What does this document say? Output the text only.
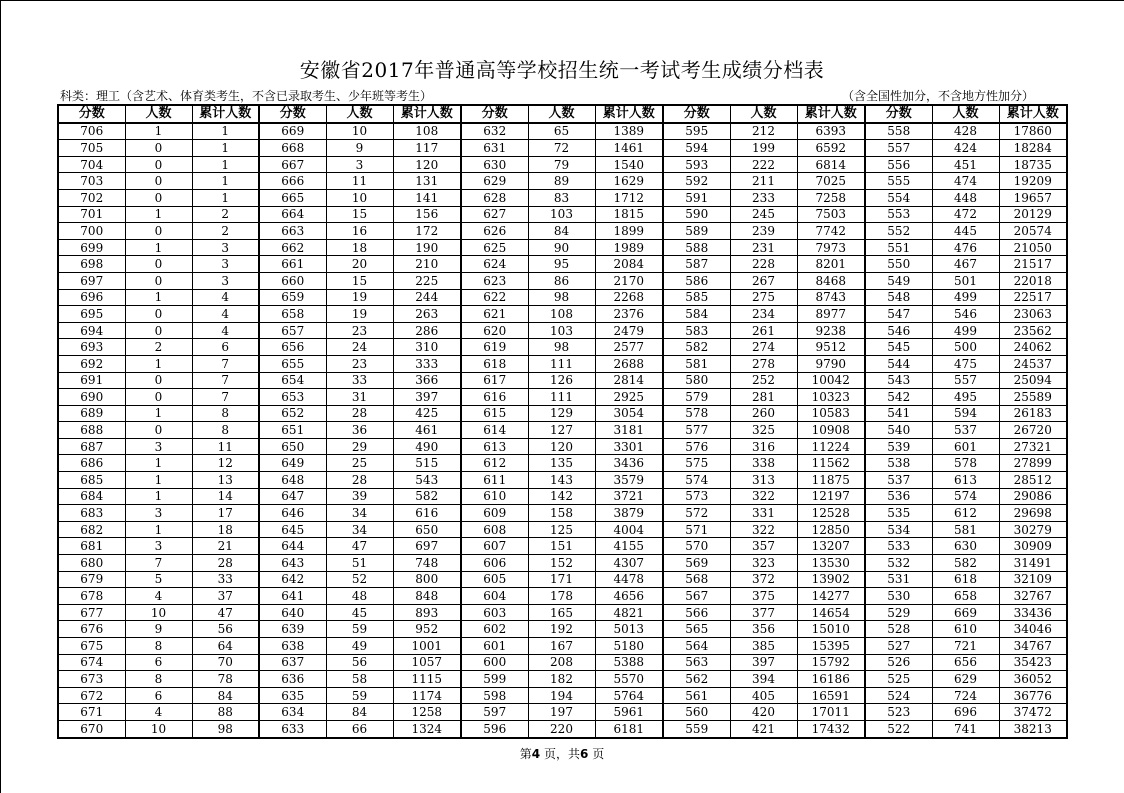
安徽省2017年普通高等学校招生统一考试考生成绩分档表
科类：理工（含艺术、体育类考生，不含已录取考生、少年班等考生）	（含全国性加分，不含地方性加分）
分数	人数	累计人数	分数	人数	累计人数	分数	人数	累计人数	分数	人数	累计人数	分数	人数	累计人数
706	1	1	669	10	108	632	65	1389	595	212	6393	558	428	17860
705	0	1	668	9	117	631	72	1461	594	199	6592	557	424	18284
704	0	1	667	3	120	630	79	1540	593	222	6814	556	451	18735
703	0	1	666	11	131	629	89	1629	592	211	7025	555	474	19209
702	0	1	665	10	141	628	83	1712	591	233	7258	554	448	19657
701	1	2	664	15	156	627	103	1815	590	245	7503	553	472	20129
700	0	2	663	16	172	626	84	1899	589	239	7742	552	445	20574
699	1	3	662	18	190	625	90	1989	588	231	7973	551	476	21050
698	0	3	661	20	210	624	95	2084	587	228	8201	550	467	21517
697	0	3	660	15	225	623	86	2170	586	267	8468	549	501	22018
696	1	4	659	19	244	622	98	2268	585	275	8743	548	499	22517
695	0	4	658	19	263	621	108	2376	584	234	8977	547	546	23063
694	0	4	657	23	286	620	103	2479	583	261	9238	546	499	23562
693	2	6	656	24	310	619	98	2577	582	274	9512	545	500	24062
692	1	7	655	23	333	618	111	2688	581	278	9790	544	475	24537
691	0	7	654	33	366	617	126	2814	580	252	10042	543	557	25094
690	0	7	653	31	397	616	111	2925	579	281	10323	542	495	25589
689	1	8	652	28	425	615	129	3054	578	260	10583	541	594	26183
688	0	8	651	36	461	614	127	3181	577	325	10908	540	537	26720
687	3	11	650	29	490	613	120	3301	576	316	11224	539	601	27321
686	1	12	649	25	515	612	135	3436	575	338	11562	538	578	27899
685	1	13	648	28	543	611	143	3579	574	313	11875	537	613	28512
684	1	14	647	39	582	610	142	3721	573	322	12197	536	574	29086
683	3	17	646	34	616	609	158	3879	572	331	12528	535	612	29698
682	1	18	645	34	650	608	125	4004	571	322	12850	534	581	30279
681	3	21	644	47	697	607	151	4155	570	357	13207	533	630	30909
680	7	28	643	51	748	606	152	4307	569	323	13530	532	582	31491
679	5	33	642	52	800	605	171	4478	568	372	13902	531	618	32109
678	4	37	641	48	848	604	178	4656	567	375	14277	530	658	32767
677	10	47	640	45	893	603	165	4821	566	377	14654	529	669	33436
676	9	56	639	59	952	602	192	5013	565	356	15010	528	610	34046
675	8	64	638	49	1001	601	167	5180	564	385	15395	527	721	34767
674	6	70	637	56	1057	600	208	5388	563	397	15792	526	656	35423
673	8	78	636	58	1115	599	182	5570	562	394	16186	525	629	36052
672	6	84	635	59	1174	598	194	5764	561	405	16591	524	724	36776
671	4	88	634	84	1258	597	197	5961	560	420	17011	523	696	37472
670	10	98	633	66	1324	596	220	6181	559	421	17432	522	741	38213
第4 页，共6 页
